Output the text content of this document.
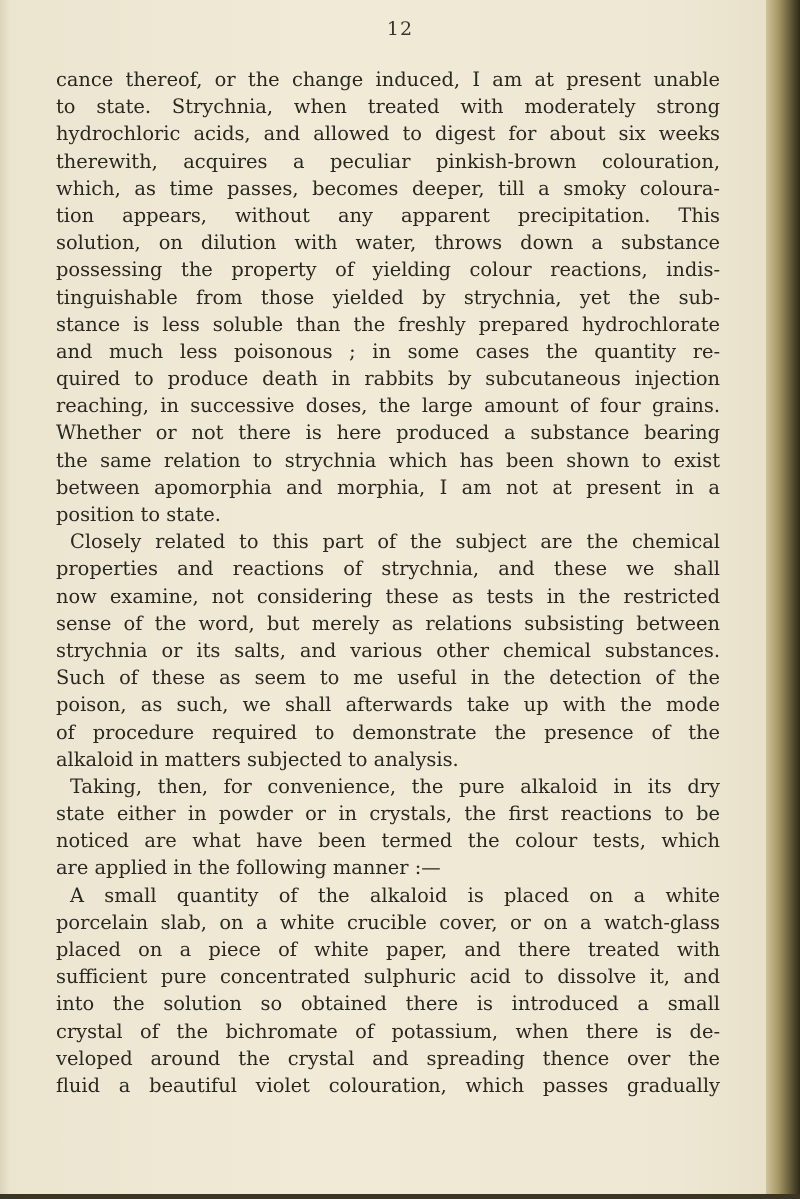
12
cance thereof, or the change induced, I am at present unable
to state. Strychnia, when treated with moderately strong
hydrochloric acids, and allowed to digest for about six weeks
therewith, acquires a peculiar pinkish-brown colouration,
which, as time passes, becomes deeper, till a smoky coloura-
tion appears, without any apparent precipitation. This
solution, on dilution with water, throws down a substance
possessing the property of yielding colour reactions, indis-
tinguishable from those yielded by strychnia, yet the sub-
stance is less soluble than the freshly prepared hydrochlorate
and much less poisonous ; in some cases the quantity re-
quired to produce death in rabbits by subcutaneous injection
reaching, in successive doses, the large amount of four grains.
Whether or not there is here produced a substance bearing
the same relation to strychnia which has been shown to exist
between apomorphia and morphia, I am not at present in a
position to state.
Closely related to this part of the subject are the chemical
properties and reactions of strychnia, and these we shall
now examine, not considering these as tests in the restricted
sense of the word, but merely as relations subsisting between
strychnia or its salts, and various other chemical substances.
Such of these as seem to me useful in the detection of the
poison, as such, we shall afterwards take up with the mode
of procedure required to demonstrate the presence of the
alkaloid in matters subjected to analysis.
Taking, then, for convenience, the pure alkaloid in its dry
state either in powder or in crystals, the first reactions to be
noticed are what have been termed the colour tests, which
are applied in the following manner :—
A small quantity of the alkaloid is placed on a white
porcelain slab, on a white crucible cover, or on a watch-glass
placed on a piece of white paper, and there treated with
sufficient pure concentrated sulphuric acid to dissolve it, and
into the solution so obtained there is introduced a small
crystal of the bichromate of potassium, when there is de-
veloped around the crystal and spreading thence over the
fluid a beautiful violet colouration, which passes gradually
